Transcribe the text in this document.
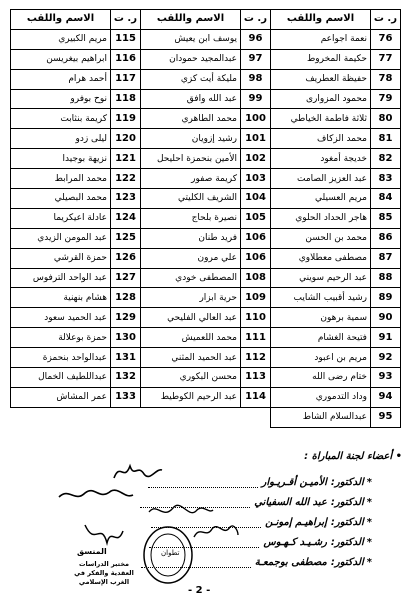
ر. ت	الاسم واللقب	ر. ت	الاسم واللقب	ر. ت	الاسم واللقب
76	نعمة اجواعم	96	يوسف ابن يعيش	115	مريم الكبيري
77	حكيمة المخروط	97	عبدالمجيد حمودان	116	ابراهيم بيغريسن
78	حفيظة العطريف	98	مليكة أيت كزي	117	أحمد هرام
79	محمود المزوارى	99	عبد الله وافق	118	نوح بوفرو
80	ثلاثة فاطمة الخياطي	100	محمد الطاهري	119	كريمة بنثابت
81	محمد الزكاف	101	رشيد إزويان	120	ليلى زدو
82	خديجة أمغود	102	الأمين بنحمزة احليحل	121	نزيهة بوجيدا
83	عبد العزيز الصامت	103	كريمة صفور	122	محمد المرابط
84	مريم العسيلي	104	الشريف الكليتي	123	محمد البصيلي
85	هاجر الحداد الحلوي	105	نصيرة بلحاج	124	عادلة اعيكريما
86	محمد بن الحسن	106	فريد طنان	125	عبد المومن الزيدي
87	مصطفى معطلاوي	106	علي مرون	126	حمزة القرشي
88	عبد الرحيم سويني	108	المصطفى خودي	127	عبد الواحد الترفوس
89	رشيد أقبيب الشايب	109	حرية ابزار	128	هشام بنهنية
90	سمية برهون	110	عبد العالي الفليحي	129	عبد الحميد سعود
91	فتيحة الغشام	111	محمد اللعميش	130	حمزة بوعلالة
92	مريم بن اعبود	112	عبد الحميد المثني	131	عبدالواحد بنحمزة
93	ختام رضى الله	113	محسن البكوري	132	عبداللطيف الخمال
94	وداد التدموري	114	عبد الرحيم الكوطيط	133	عمر المشاش
95	عبدالسلام الشاط				
• أعضاء لجنة المباراة :
*
الدكتور:
الأميـن أقـريـوار
*
الدكتور:
عبد الله السفياني
*
الدكتور:
إبراهيـم إمونـن
*
الدكتور:
رشـيـد كـهـوس
*
الدكتور:
مصطفى بوجمعـة
تطوان
المنسق
مختبر الدراسات العقدية والفكر في الغرب الإسلامي
- 2 -
